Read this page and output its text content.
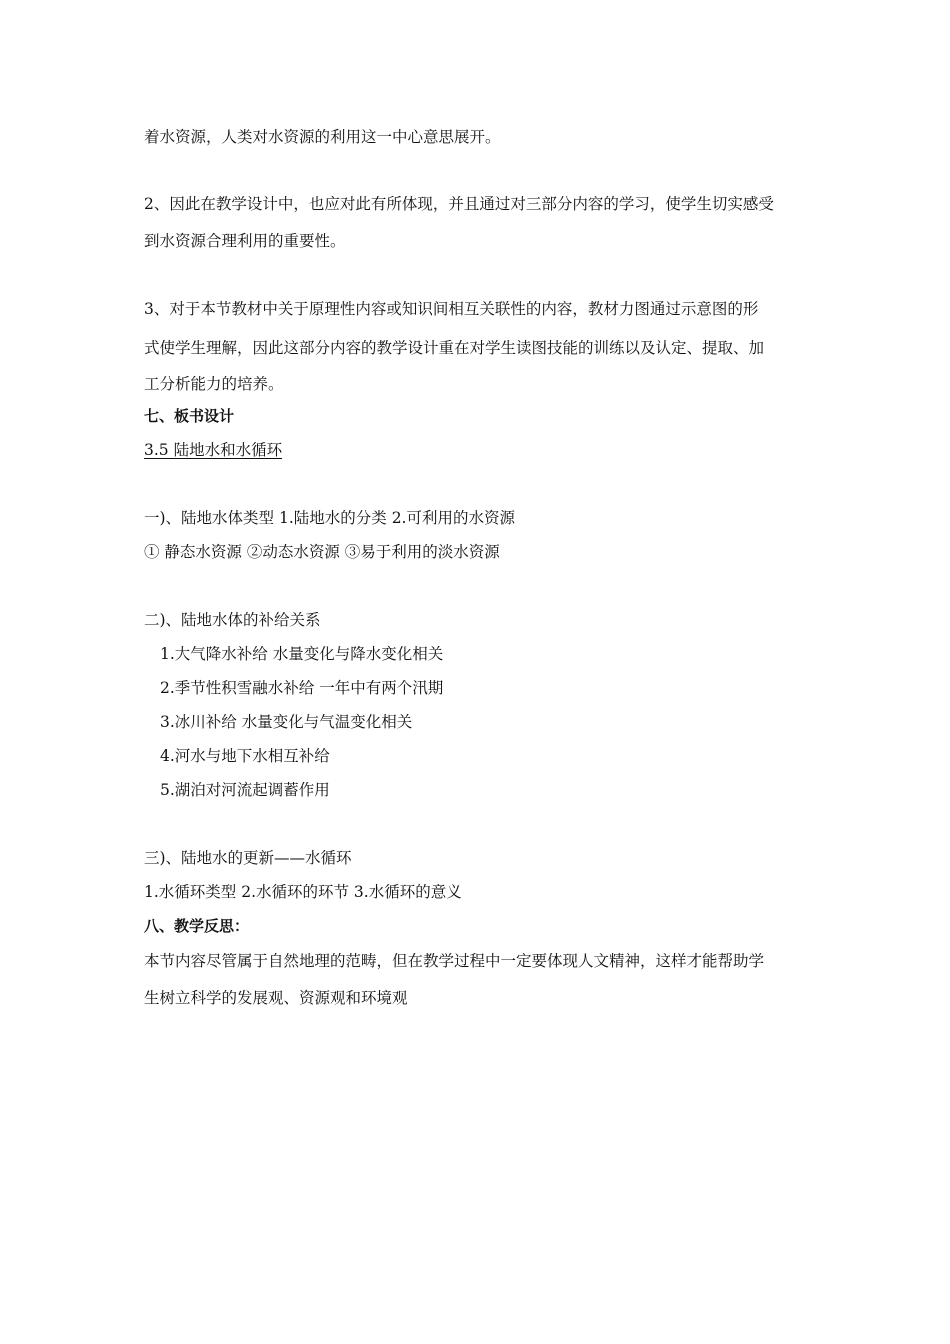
着水资源，人类对水资源的利用这一中心意思展开。
2、因此在教学设计中，也应对此有所体现，并且通过对三部分内容的学习，使学生切实感受
到水资源合理利用的重要性。
3、对于本节教材中关于原理性内容或知识间相互关联性的内容，教材力图通过示意图的形
式使学生理解，因此这部分内容的教学设计重在对学生读图技能的训练以及认定、提取、加
工分析能力的培养。
七、板书设计
3.5 陆地水和水循环
一)、陆地水体类型 1.陆地水的分类 2.可利用的水资源
① 静态水资源 ②动态水资源 ③易于利用的淡水资源
二)、陆地水体的补给关系
1.大气降水补给 水量变化与降水变化相关
2.季节性积雪融水补给 一年中有两个汛期
3.冰川补给 水量变化与气温变化相关
4.河水与地下水相互补给
5.湖泊对河流起调蓄作用
三)、陆地水的更新——水循环
1.水循环类型 2.水循环的环节 3.水循环的意义
八、教学反思：
本节内容尽管属于自然地理的范畴，但在教学过程中一定要体现人文精神，这样才能帮助学
生树立科学的发展观、资源观和环境观
